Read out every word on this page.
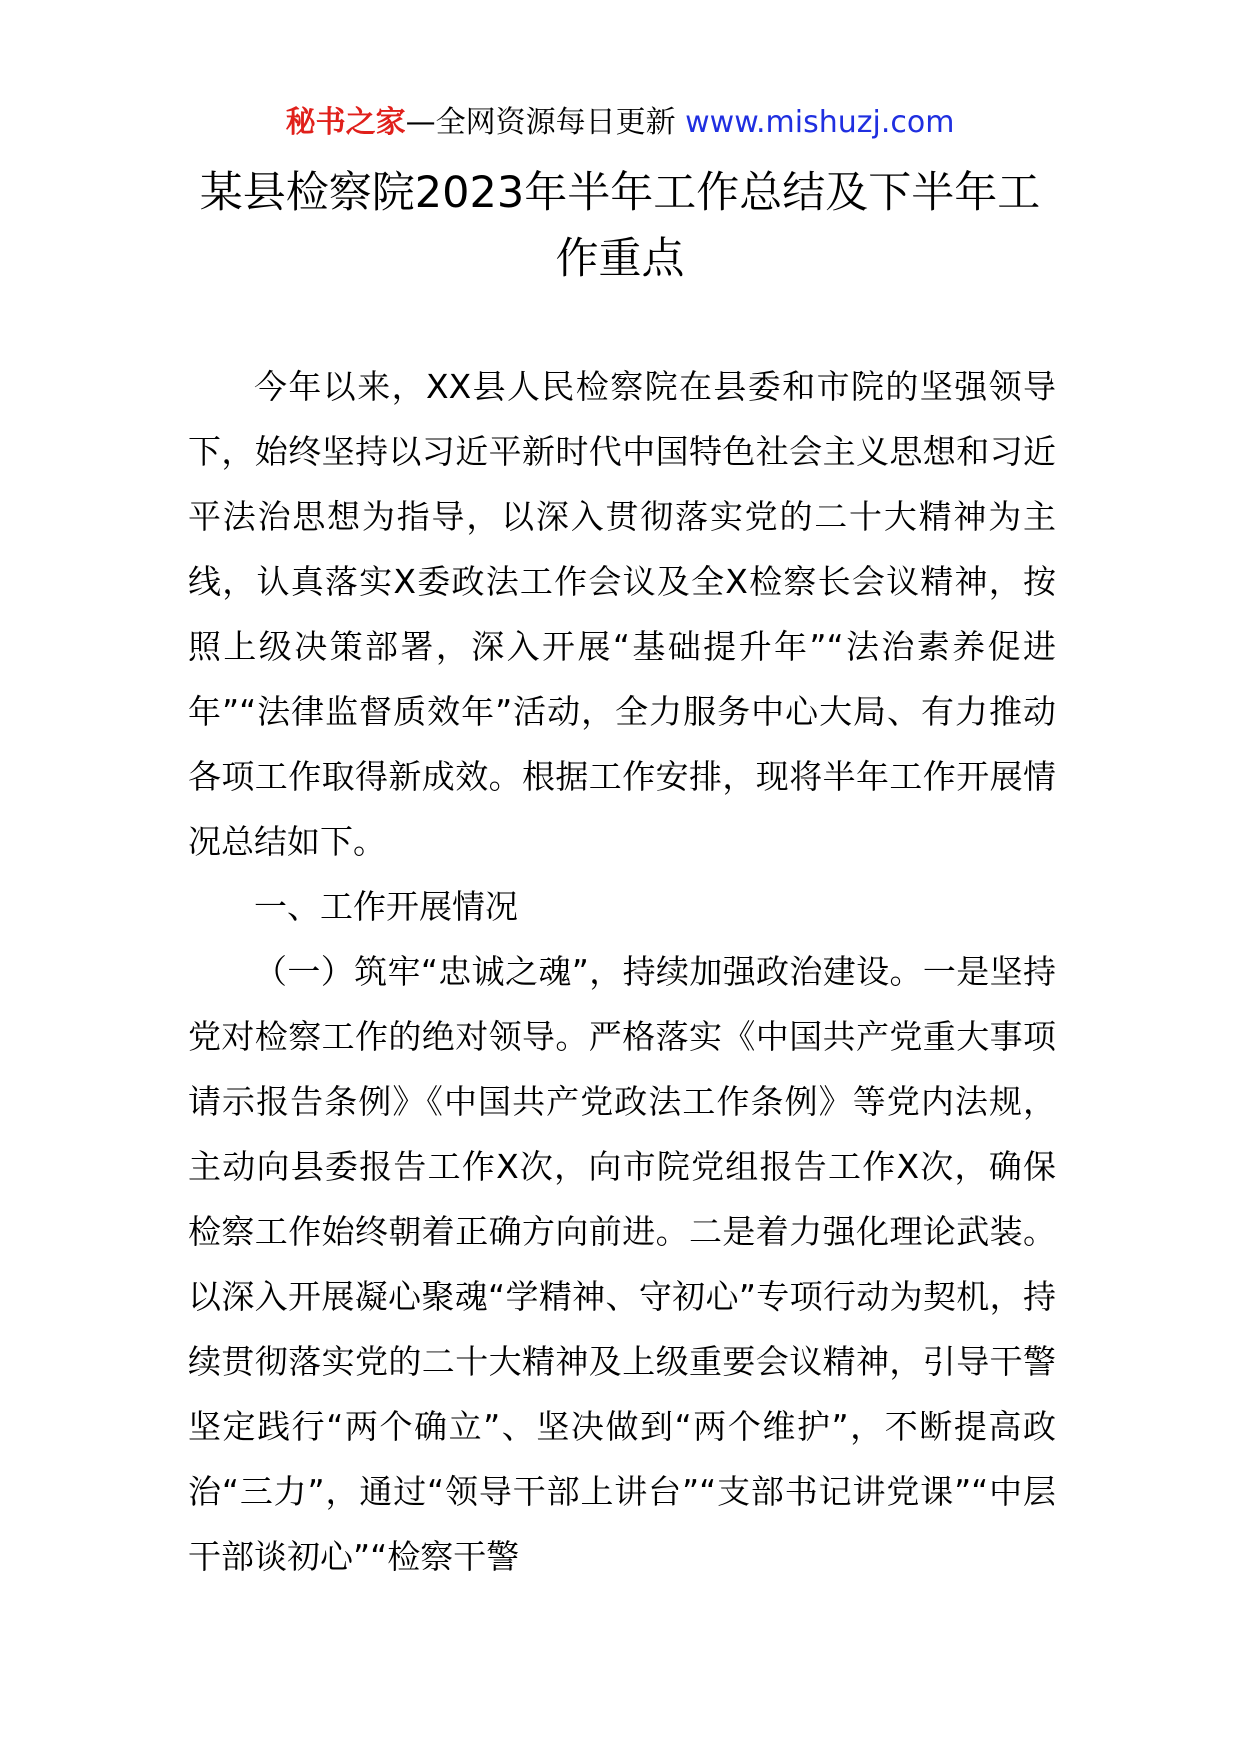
秘书之家—全网资源每日更新 www.mishuzj.com
某县检察院2023年半年工作总结及下半年工作重点

今年以来，XX县人民检察院在县委和市院的坚强领导下，始终坚持以习近平新时代中国特色社会主义思想和习近平法治思想为指导，以深入贯彻落实党的二十大精神为主线，认真落实X委政法工作会议及全X检察长会议精神，按照上级决策部署，深入开展“基础提升年”“法治素养促进年”“法律监督质效年”活动，全力服务中心大局、有力推动各项工作取得新成效。根据工作安排，现将半年工作开展情况总结如下。

一、工作开展情况

（一）筑牢“忠诚之魂”，持续加强政治建设。一是坚持党对检察工作的绝对领导。严格落实《中国共产党重大事项请示报告条例》《中国共产党政法工作条例》等党内法规，主动向县委报告工作X次，向市院党组报告工作X次，确保检察工作始终朝着正确方向前进。二是着力强化理论武装。以深入开展凝心聚魂“学精神、守初心”专项行动为契机，持续贯彻落实党的二十大精神及上级重要会议精神，引导干警坚定践行“两个确立”、坚决做到“两个维护”，不断提高政治“三力”，通过“领导干部上讲台”“支部书记讲党课”“中层干部谈初心”“检察干警
